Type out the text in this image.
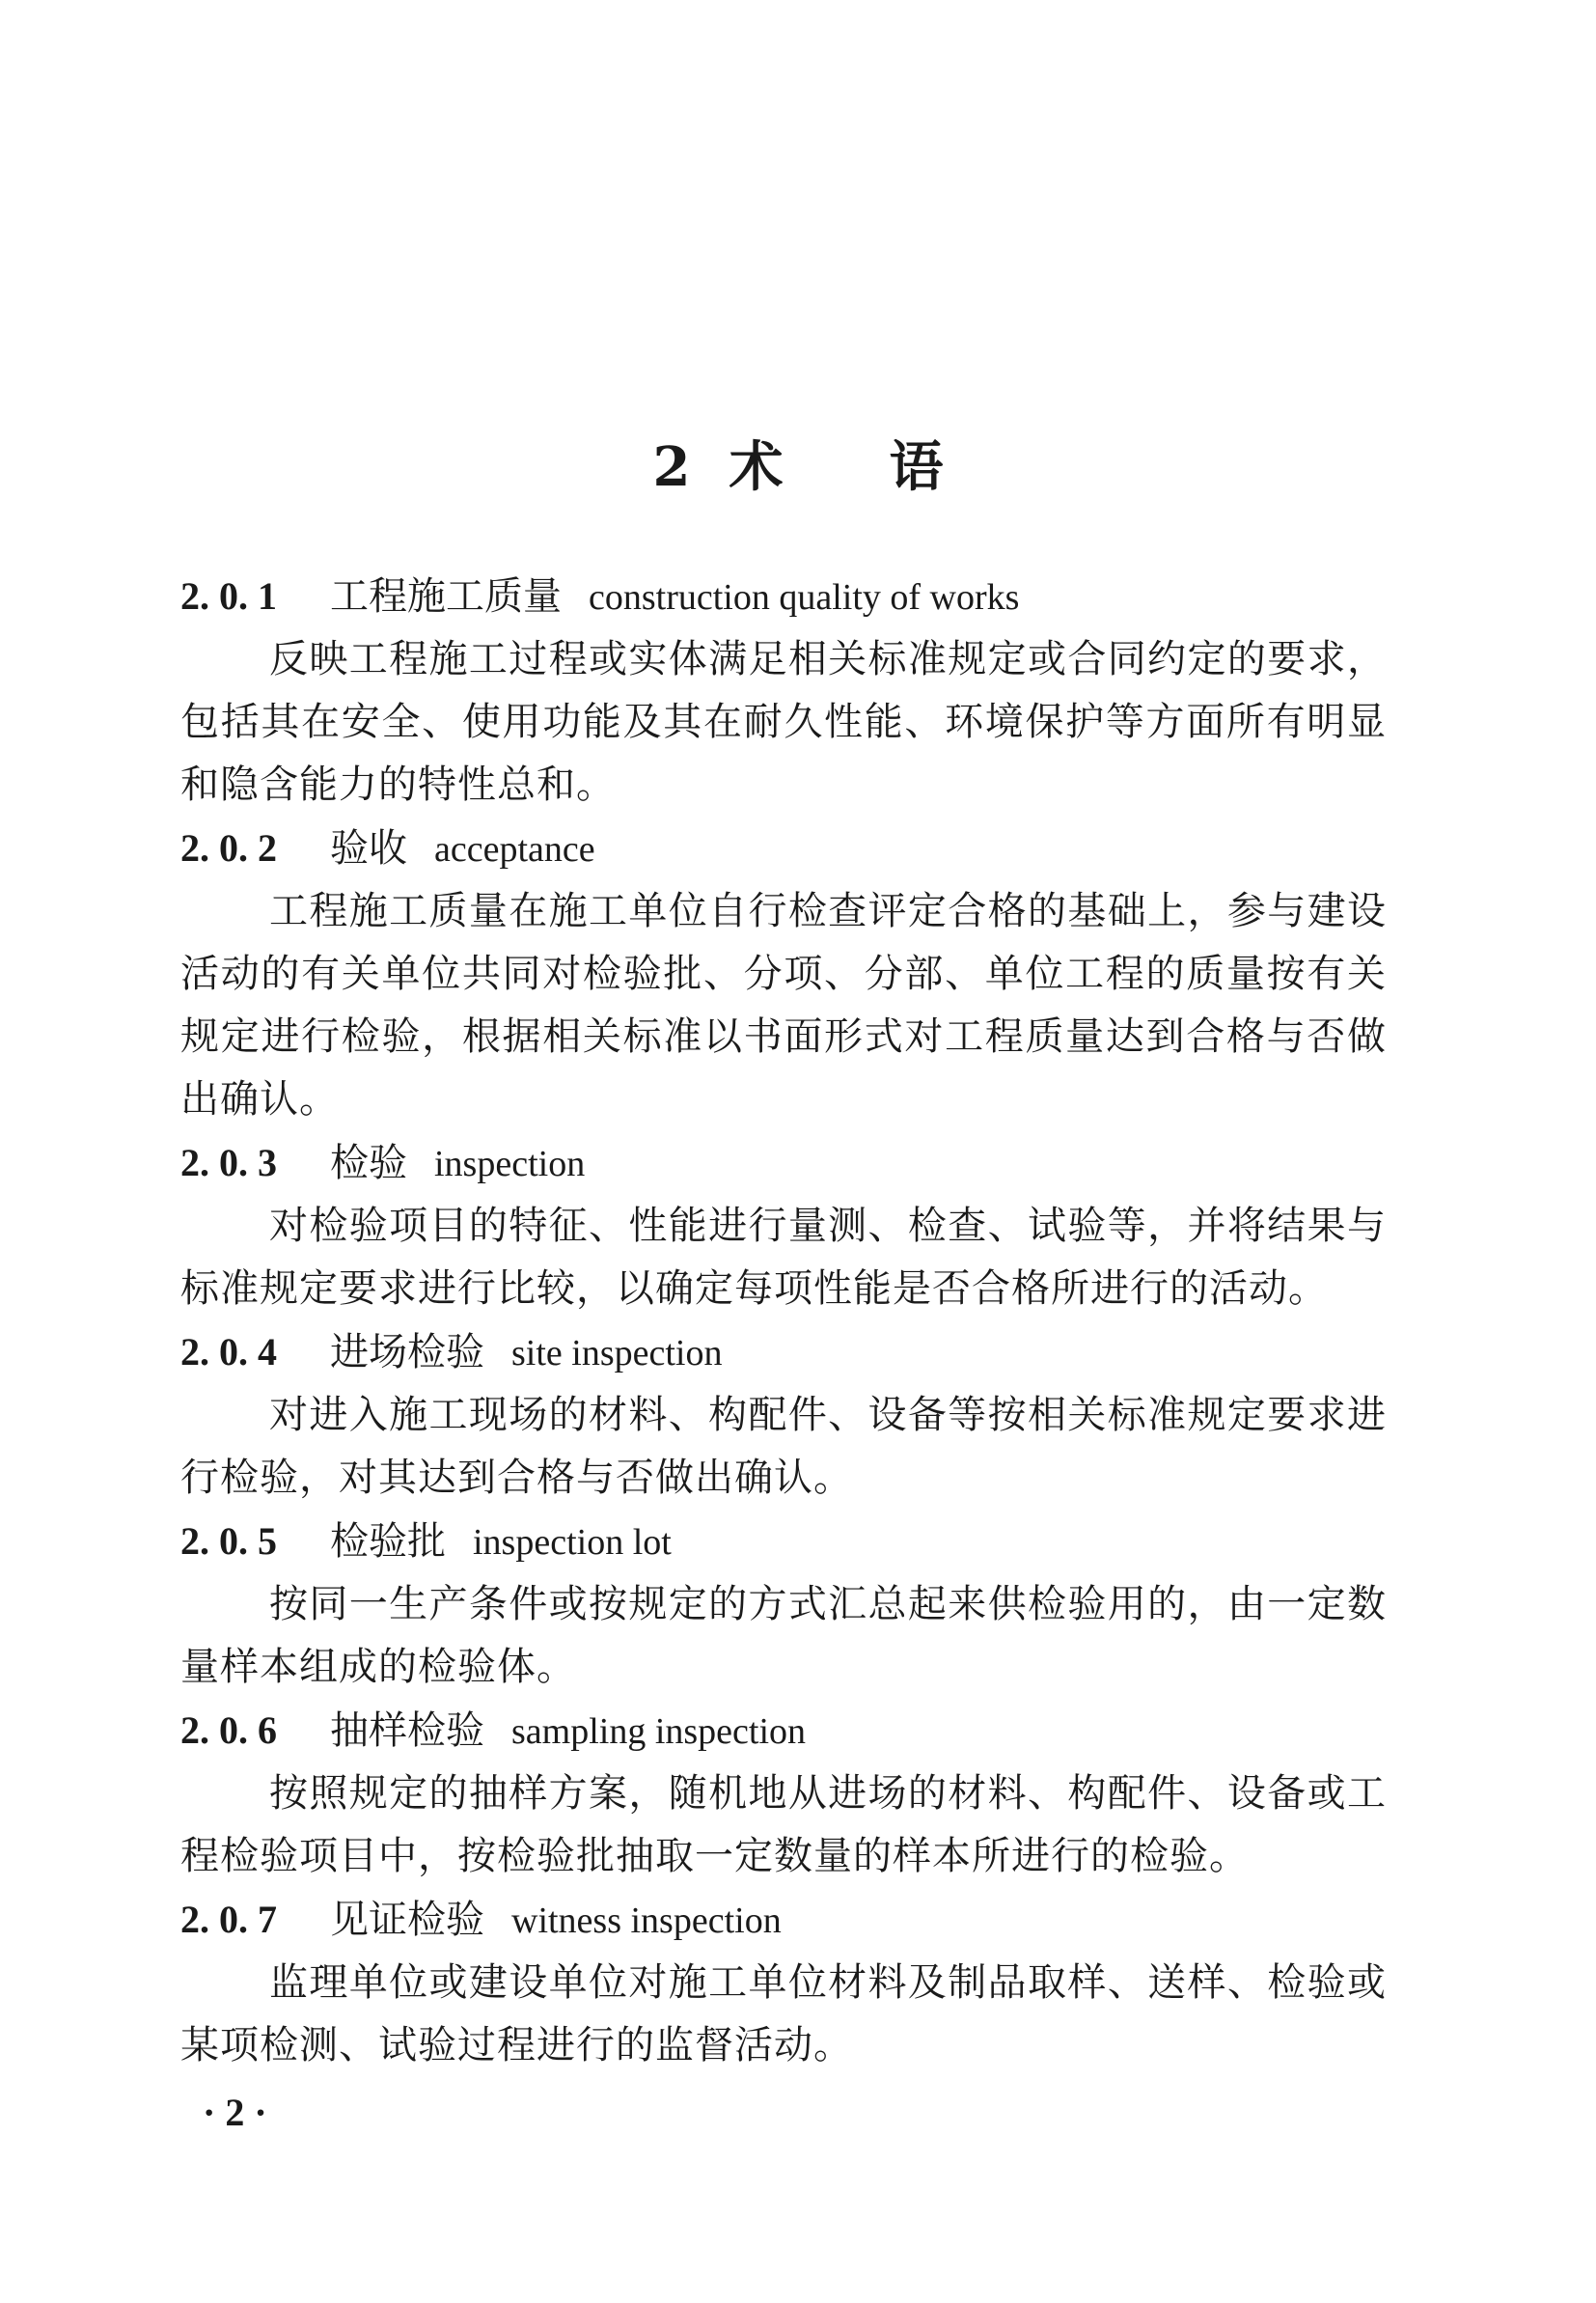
2 术 语
2. 0. 1 工程施工质量 construction quality of works

反映工程施工过程或实体满足相关标准规定或合同约定的要求，包括其在安全、使用功能及其在耐久性能、环境保护等方面所有明显和隐含能力的特性总和。

2. 0. 2 验收 acceptance

工程施工质量在施工单位自行检查评定合格的基础上，参与建设活动的有关单位共同对检验批、分项、分部、单位工程的质量按有关规定进行检验，根据相关标准以书面形式对工程质量达到合格与否做出确认。

2. 0. 3 检验 inspection

对检验项目的特征、性能进行量测、检查、试验等，并将结果与标准规定要求进行比较，以确定每项性能是否合格所进行的活动。

2. 0. 4 进场检验 site inspection

对进入施工现场的材料、构配件、设备等按相关标准规定要求进行检验，对其达到合格与否做出确认。

2. 0. 5 检验批 inspection lot

按同一生产条件或按规定的方式汇总起来供检验用的，由一定数量样本组成的检验体。

2. 0. 6 抽样检验 sampling inspection

按照规定的抽样方案，随机地从进场的材料、构配件、设备或工程检验项目中，按检验批抽取一定数量的样本所进行的检验。

2. 0. 7 见证检验 witness inspection

监理单位或建设单位对施工单位材料及制品取样、送样、检验或某项检测、试验过程进行的监督活动。

· 2 ·
